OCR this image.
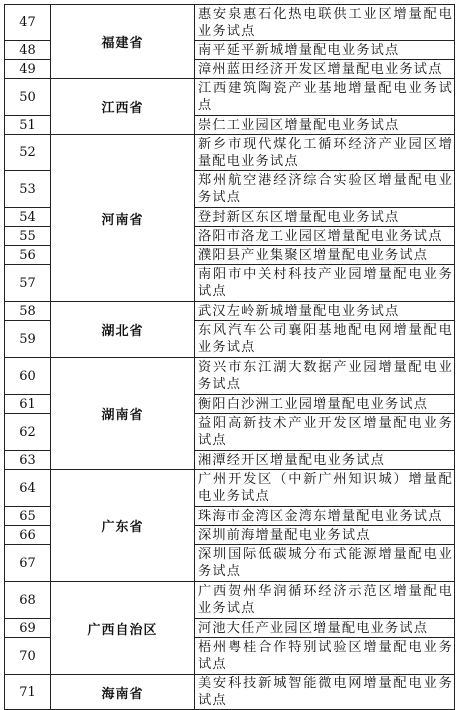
47	福建省	惠安泉惠石化热电联供工业区增量配电业务试点
48		南平延平新城增量配电业务试点
49		漳州蓝田经济开发区增量配电业务试点
50	江西省	江西建筑陶瓷产业基地增量配电业务试点
51		崇仁工业园区增量配电业务试点
52	河南省	新乡市现代煤化工循环经济产业园区增量配电业务试点
53		郑州航空港经济综合实验区增量配电业务试点
54		登封新区东区增量配电业务试点
55		洛阳市洛龙工业园区增量配电业务试点
56		濮阳县产业集聚区增量配电业务试点
57		南阳市中关村科技产业园增量配电业务试点
58	湖北省	武汉左岭新城增量配电业务试点
59		东风汽车公司襄阳基地配电网增量配电业务试点
60	湖南省	资兴市东江湖大数据产业园增量配电业务试点
61		衡阳白沙洲工业园增量配电业务试点
62		益阳高新技术产业开发区增量配电业务试点
63		湘潭经开区增量配电业务试点
64	广东省	广州开发区（中新广州知识城）增量配电业务试点
65		珠海市金湾区金湾东增量配电业务试点
66		深圳前海增量配电业务试点
67		深圳国际低碳城分布式能源增量配电业务试点
68	广西自治区	广西贺州华润循环经济示范区增量配电业务试点
69		河池大任产业园区增量配电业务试点
70		梧州粤桂合作特别试验区增量配电业务试点
71	海南省	美安科技新城智能微电网增量配电业务试点
